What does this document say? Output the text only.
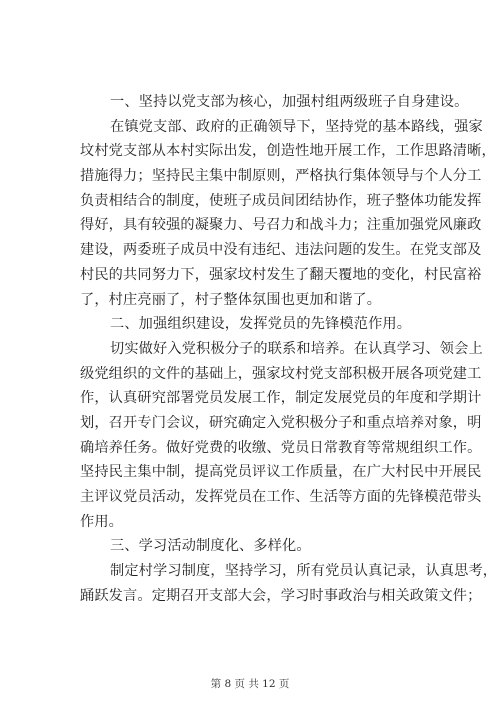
一、坚持以党支部为核心，加强村组两级班子自身建设。
在镇党支部、政府的正确领导下，坚持党的基本路线，强家
坟村党支部从本村实际出发，创造性地开展工作，工作思路清晰，
措施得力；坚持民主集中制原则，严格执行集体领导与个人分工
负责相结合的制度，使班子成员间团结协作，班子整体功能发挥
得好，具有较强的凝聚力、号召力和战斗力；注重加强党风廉政
建设，两委班子成员中没有违纪、违法问题的发生。在党支部及
村民的共同努力下，强家坟村发生了翻天覆地的变化，村民富裕
了，村庄亮丽了，村子整体氛围也更加和谐了。
二、加强组织建设，发挥党员的先锋模范作用。
切实做好入党积极分子的联系和培养。在认真学习、领会上
级党组织的文件的基础上，强家坟村党支部积极开展各项党建工
作，认真研究部署党员发展工作，制定发展党员的年度和学期计
划，召开专门会议，研究确定入党积极分子和重点培养对象，明
确培养任务。做好党费的收缴、党员日常教育等常规组织工作。
坚持民主集中制，提高党员评议工作质量，在广大村民中开展民
主评议党员活动，发挥党员在工作、生活等方面的先锋模范带头
作用。
三、学习活动制度化、多样化。
制定村学习制度，坚持学习，所有党员认真记录，认真思考，
踊跃发言。定期召开支部大会，学习时事政治与相关政策文件；
第 8 页 共 12 页
